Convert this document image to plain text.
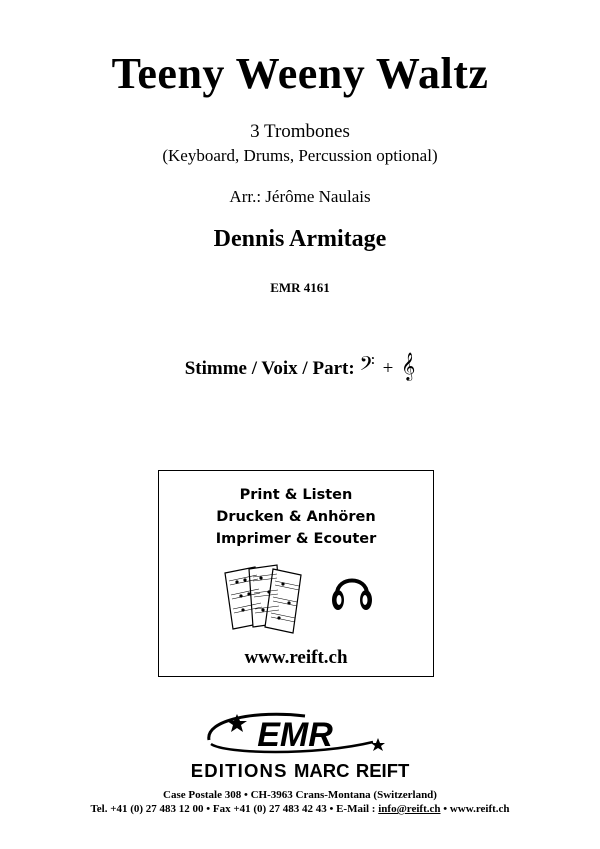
Teeny Weeny Waltz
3 Trombones
(Keyboard, Drums, Percussion optional)
Arr.: Jérôme Naulais
Dennis Armitage
EMR 4161
Stimme / Voix / Part: 𝄢 + 𝄞
Print & Listen
Drucken & Anhören
Imprimer & Ecouter
www.reift.ch
EMR
EDITIONS MARC REIFT
Case Postale 308 • CH-3963 Crans-Montana (Switzerland)
Tel. +41 (0) 27 483 12 00 • Fax +41 (0) 27 483 42 43 • E-Mail : info@reift.ch • www.reift.ch
